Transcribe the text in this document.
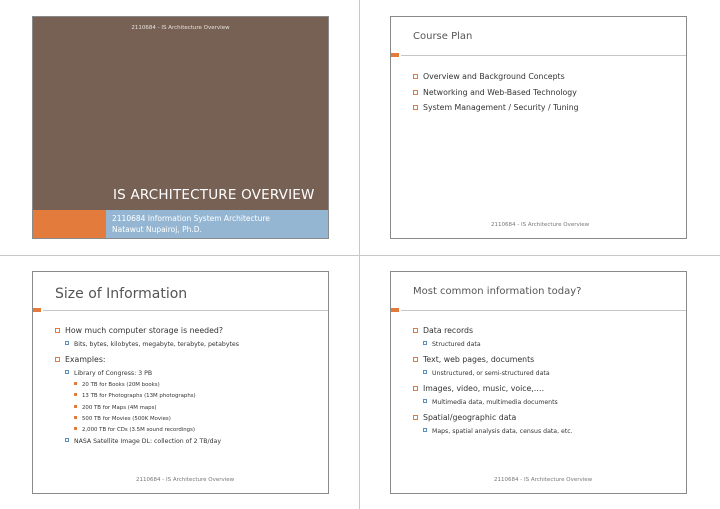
2110684 - IS Architecture Overview
IS ARCHITECTURE OVERVIEW
2110684 Information System Architecture
Natawut Nupairoj, Ph.D.
Course Plan
Overview and Background Concepts
Networking and Web-Based Technology
System Management / Security / Tuning
2110684 - IS Architecture Overview
Size of Information
How much computer storage is needed?
Bits, bytes, kilobytes, megabyte, terabyte, petabytes
Examples:
Library of Congress: 3 PB
20 TB for Books (20M books)
13 TB for Photographs (13M photographs)
200 TB for Maps (4M maps)
500 TB for Movies (500K Movies)
2,000 TB for CDs (3.5M sound recordings)
NASA Satellite Image DL: collection of 2 TB/day
2110684 - IS Architecture Overview
Most common information today?
Data records
Structured data
Text, web pages, documents
Unstructured, or semi-structured data
Images, video, music, voice,….
Multimedia data, multimedia documents
Spatial/geographic data
Maps, spatial analysis data, census data, etc.
2110684 - IS Architecture Overview
